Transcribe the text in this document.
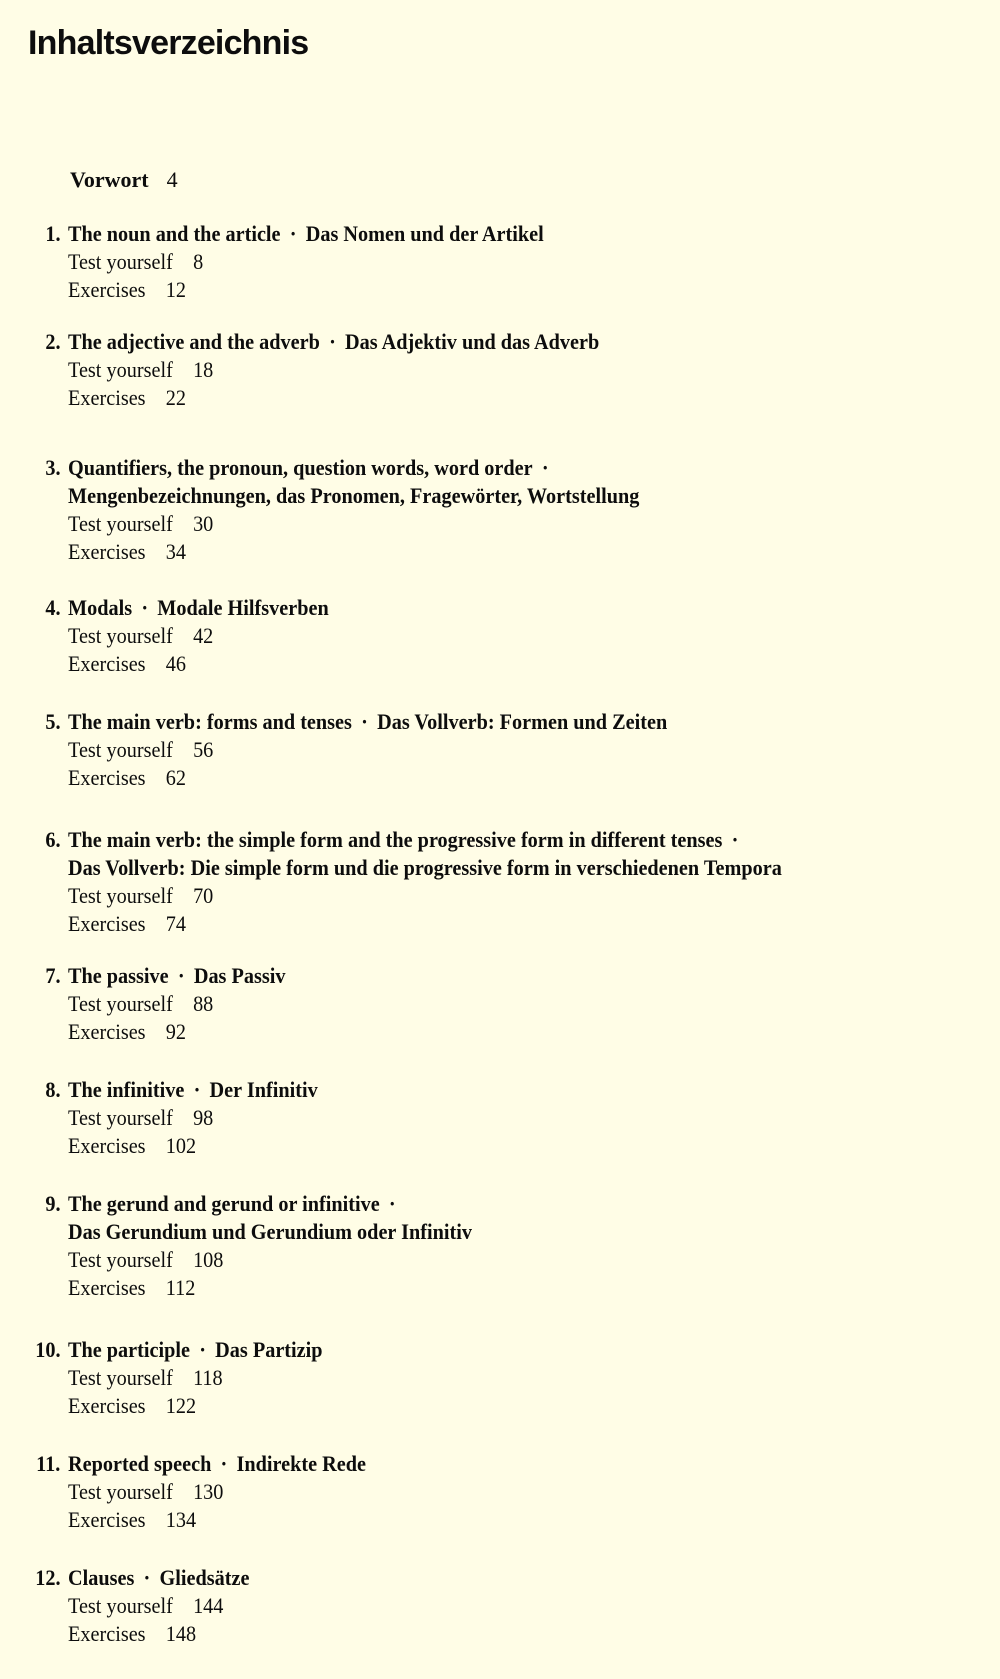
Inhaltsverzeichnis
Vorwort 4
1. The noun and the article · Das Nomen und der Artikel
Test yourself 8
Exercises 12
2. The adjective and the adverb · Das Adjektiv und das Adverb
Test yourself 18
Exercises 22
3. Quantifiers, the pronoun, question words, word order ·
Mengenbezeichnungen, das Pronomen, Fragewörter, Wortstellung
Test yourself 30
Exercises 34
4. Modals · Modale Hilfsverben
Test yourself 42
Exercises 46
5. The main verb: forms and tenses · Das Vollverb: Formen und Zeiten
Test yourself 56
Exercises 62
6. The main verb: the simple form and the progressive form in different tenses ·
Das Vollverb: Die simple form und die progressive form in verschiedenen Tempora
Test yourself 70
Exercises 74
7. The passive · Das Passiv
Test yourself 88
Exercises 92
8. The infinitive · Der Infinitiv
Test yourself 98
Exercises 102
9. The gerund and gerund or infinitive ·
Das Gerundium und Gerundium oder Infinitiv
Test yourself 108
Exercises 112
10. The participle · Das Partizip
Test yourself 118
Exercises 122
11. Reported speech · Indirekte Rede
Test yourself 130
Exercises 134
12. Clauses · Gliedsätze
Test yourself 144
Exercises 148
